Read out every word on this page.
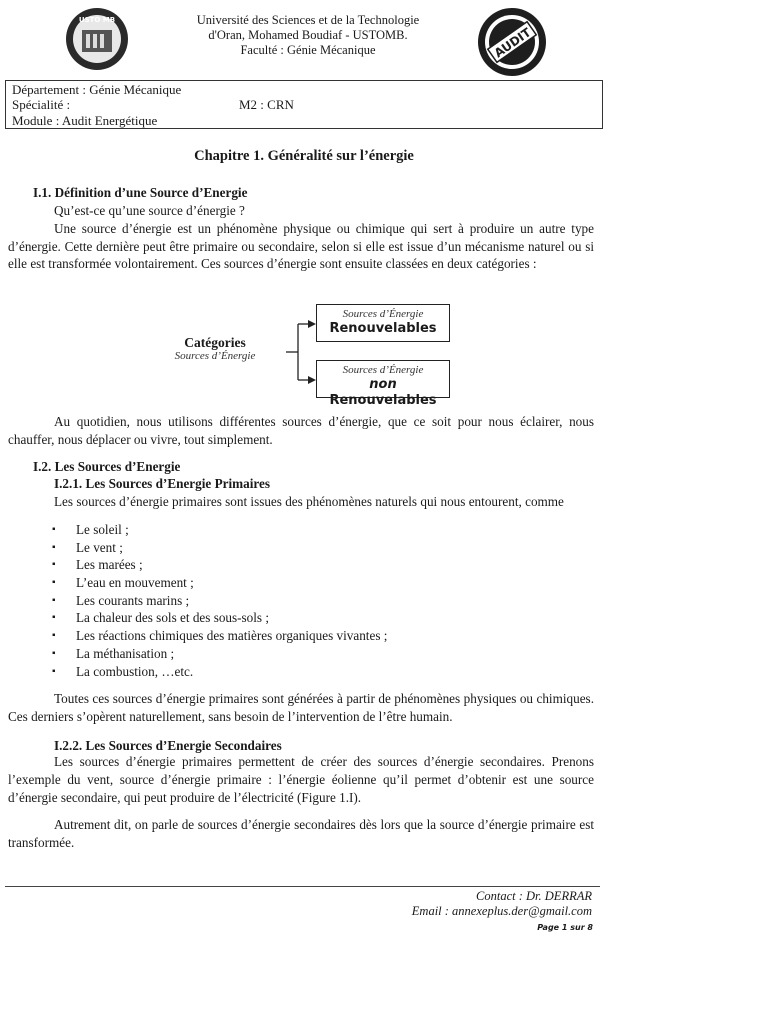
USTO MB
AUDIT
Université des Sciences et de la Technologie
d'Oran, Mohamed Boudiaf - USTOMB.
Faculté : Génie Mécanique
Département : Génie Mécanique
Spécialité :	M2 : CRN
Module : Audit Energétique
Chapitre 1. Généralité sur l’énergie
I.1. Définition d’une Source d’Energie
Qu’est-ce qu’une source d’énergie ?

Une source d’énergie est un phénomène physique ou chimique qui sert à produire un autre type d’énergie. Cette dernière peut être primaire ou secondaire, selon si elle est issue d’un mécanisme naturel ou si elle est transformée volontairement. Ces sources d’énergie sont ensuite classées en deux catégories :

Catégories
Sources d’Énergie
Sources d’Énergie
Renouvelables
Sources d’Énergie
non Renouvelables

Au quotidien, nous utilisons différentes sources d’énergie, que ce soit pour nous éclairer, nous chauffer, nous déplacer ou vivre, tout simplement.

I.2. Les Sources d’Energie
I.2.1. Les Sources d’Energie Primaires
Les sources d’énergie primaires sont issues des phénomènes naturels qui nous entourent, comme
▪ Le soleil ;
▪ Le vent ;
▪ Les marées ;
▪ L’eau en mouvement ;
▪ Les courants marins ;
▪ La chaleur des sols et des sous-sols ;
▪ Les réactions chimiques des matières organiques vivantes ;
▪ La méthanisation ;
▪ La combustion, …etc.

Toutes ces sources d’énergie primaires sont générées à partir de phénomènes physiques ou chimiques. Ces derniers s’opèrent naturellement, sans besoin de l’intervention de l’être humain.

I.2.2. Les Sources d’Energie Secondaires

Les sources d’énergie primaires permettent de créer des sources d’énergie secondaires. Prenons l’exemple du vent, source d’énergie primaire : l’énergie éolienne qu’il permet d’obtenir est une source d’énergie secondaire, qui peut produire de l’électricité (Figure 1.I).

Autrement dit, on parle de sources d’énergie secondaires dès lors que la source d’énergie primaire est transformée.

Contact : Dr. DERRAR
Email : annexeplus.der@gmail.com
Page 1 sur 8
